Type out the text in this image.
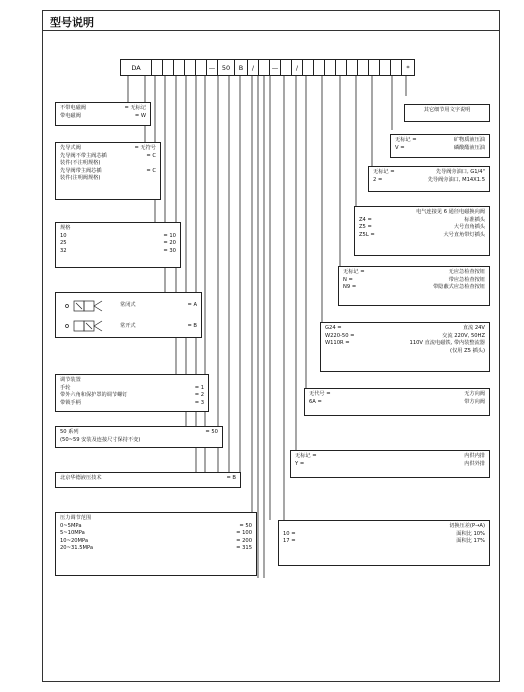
型号说明
DA	—	50	B	/	—	/	*
不带电磁阀	= 无标记
带电磁阀	= W
先导式阀	= 无符号
先导阀不带主阀芯插	= C
装件(不注明规格)
先导阀带主阀芯插	= C
装件(注明阀规格)
规格
10	= 10
25	= 20
32	= 30
常闭式	= A
常开式	= B
调节装置
手轮	= 1
带外六角和保护罩的调节螺钉	= 2
带锁手柄	= 3
50 系列	= 50
(50~59 安装及连接尺寸保持不变)
北京华德液压技术	= B
压力调节范围
0~5MPa	= 50
5~10MPa	= 100
10~20MPa	= 200
20~31.5MPa	= 315
其它细节用文字说明
无标记 =	矿物质液压油
V =	磷酸酯液压油
无标记 =	先导阀旁油口, G1/4"
2 =	先导阀旁油口, M14X1.5
电气连接见 6 通径电磁换向阀
Z4 =	标准插头
Z5 =	大号直角插头
Z5L =	大号直角带灯插头
无标记 =	无应急检查按钮
N =	带应急检查按钮
N9 =	带隐蔽式应急检查按钮
G24 =	直流 24V
W220-50 =	交流 220V, 50HZ
W110R =	110V 直流电磁铁, 带内装整流器
(仅用 Z5 插头)
无代号 =	无方向阀
6A =	带方向阀
无标记 =	内供内排
Y =	内供外排
切换压差(P→A)
10 =	面积比 10%
17 =	面积比 17%
